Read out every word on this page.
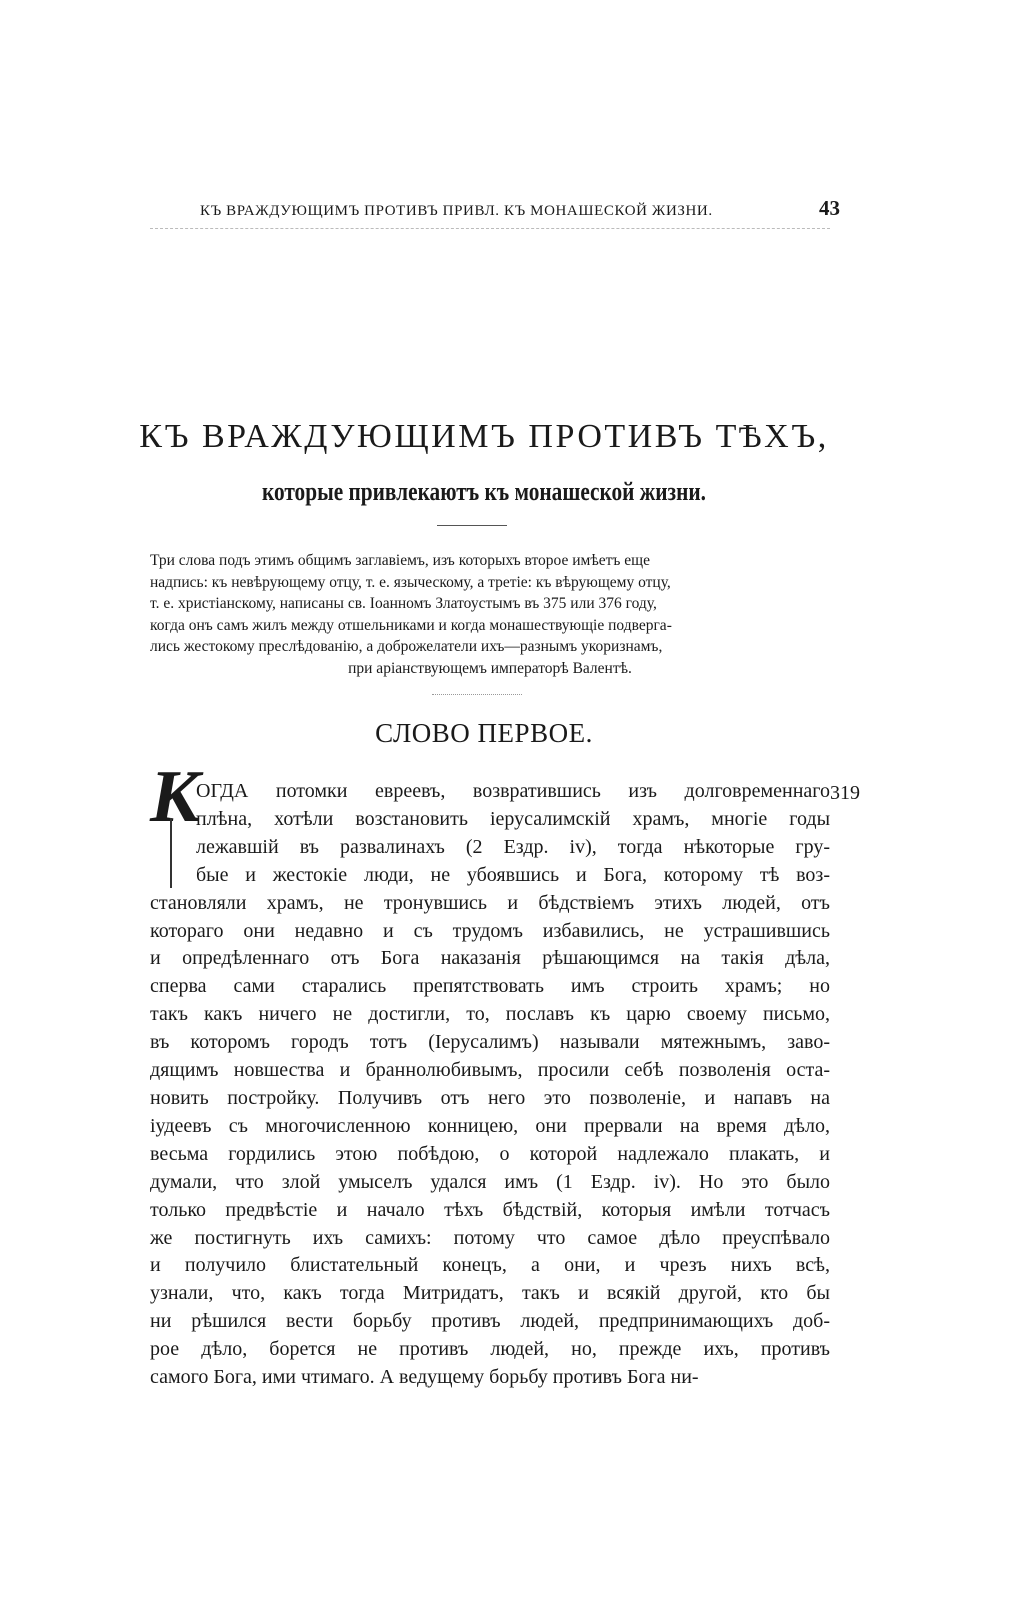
КЪ ВРАЖДУЮЩИМЪ ПРОТИВЪ ПРИВЛ. КЪ МОНАШЕСКОЙ ЖИЗНИ.	43
КЪ ВРАЖДУЮЩИМЪ ПРОТИВЪ ТѢХЪ,
которые привлекаютъ къ монашеской жизни.
Три слова подъ этимъ общимъ заглавіемъ, изъ которыхъ второе имѣетъ еще
надпись: къ невѣрующему отцу, т. е. языческому, а третіе: къ вѣрующему отцу,
т. е. христіанскому, написаны св. Іоанномъ Златоустымъ въ 375 или 376 году,
когда онъ самъ жилъ между отшельниками и когда монашествующіе подверга-
лись жестокому преслѣдованію, а доброжелатели ихъ—разнымъ укоризнамъ,
при аріанствующемъ императорѣ Валентѣ.
СЛОВО ПЕРВОЕ.
К	319
ОГДА потомки евреевъ, возвратившись изъ долговременнаго
плѣна, хотѣли возстановить іерусалимскій храмъ, многіе годы
лежавшій въ развалинахъ (2 Ездр. iv), тогда нѣкоторые гру-
бые и жестокіе люди, не убоявшись и Бога, которому тѣ воз-
становляли храмъ, не тронувшись и бѣдствіемъ этихъ людей, отъ
котораго они недавно и съ трудомъ избавились, не устрашившись
и опредѣленнаго отъ Бога наказанія рѣшающимся на такія дѣла,
сперва сами старались препятствовать имъ строить храмъ; но
такъ какъ ничего не достигли, то, пославъ къ царю своему письмо,
въ которомъ городъ тотъ (Іерусалимъ) называли мятежнымъ, заво-
дящимъ новшества и браннолюбивымъ, просили себѣ позволенія оста-
новить постройку. Получивъ отъ него это позволеніе, и напавъ на
іудеевъ съ многочисленною конницею, они прервали на время дѣло,
весьма гордились этою побѣдою, о которой надлежало плакать, и
думали, что злой умыселъ удался имъ (1 Ездр. iv). Но это было
только предвѣстіе и начало тѣхъ бѣдствій, которыя имѣли тотчасъ
же постигнуть ихъ самихъ: потому что самое дѣло преуспѣвало
и получило блистательный конецъ, а они, и чрезъ нихъ всѣ,
узнали, что, какъ тогда Митридатъ, такъ и всякій другой, кто бы
ни рѣшился вести борьбу противъ людей, предпринимающихъ доб-
рое дѣло, борется не противъ людей, но, прежде ихъ, противъ
самого Бога, ими чтимаго. А ведущему борьбу противъ Бога ни-
